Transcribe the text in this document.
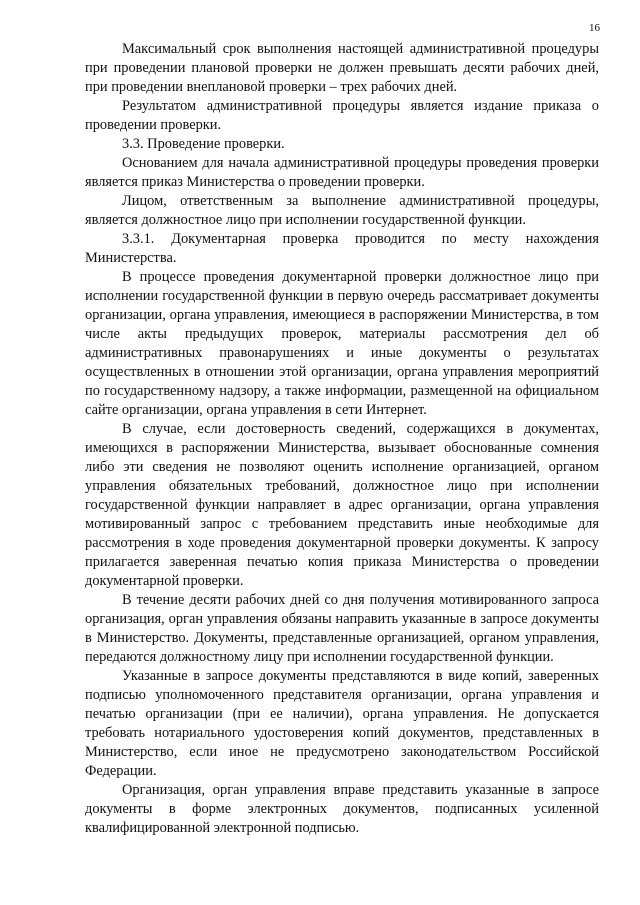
16

Максимальный срок выполнения настоящей административной процедуры при проведении плановой проверки не должен превышать десяти рабочих дней, при проведении внеплановой проверки – трех рабочих дней.

Результатом административной процедуры является издание приказа о проведении проверки.

3.3. Проведение проверки.

Основанием для начала административной процедуры проведения проверки является приказ Министерства о проведении проверки.

Лицом, ответственным за выполнение административной процедуры, является должностное лицо при исполнении государственной функции.

3.3.1. Документарная проверка проводится по месту нахождения Министерства.

В процессе проведения документарной проверки должностное лицо при исполнении государственной функции в первую очередь рассматривает документы организации, органа управления, имеющиеся в распоряжении Министерства, в том числе акты предыдущих проверок, материалы рассмотрения дел об административных правонарушениях и иные документы о результатах осуществленных в отношении этой организации, органа управления мероприятий по государственному надзору, а также информации, размещенной на официальном сайте организации, органа управления в сети Интернет.

В случае, если достоверность сведений, содержащихся в документах, имеющихся в распоряжении Министерства, вызывает обоснованные сомнения либо эти сведения не позволяют оценить исполнение организацией, органом управления обязательных требований, должностное лицо при исполнении государственной функции направляет в адрес организации, органа управления мотивированный запрос с требованием представить иные необходимые для рассмотрения в ходе проведения документарной проверки документы. К запросу прилагается заверенная печатью копия приказа Министерства о проведении документарной проверки.

В течение десяти рабочих дней со дня получения мотивированного запроса организация, орган управления обязаны направить указанные в запросе документы в Министерство. Документы, представленные организацией, органом управления, передаются должностному лицу при исполнении государственной функции.

Указанные в запросе документы представляются в виде копий, заверенных подписью уполномоченного представителя организации, органа управления и печатью организации (при ее наличии), органа управления. Не допускается требовать нотариального удостоверения копий документов, представленных в Министерство, если иное не предусмотрено законодательством Российской Федерации.

Организация, орган управления вправе представить указанные в запросе документы в форме электронных документов, подписанных усиленной квалифицированной электронной подписью.
